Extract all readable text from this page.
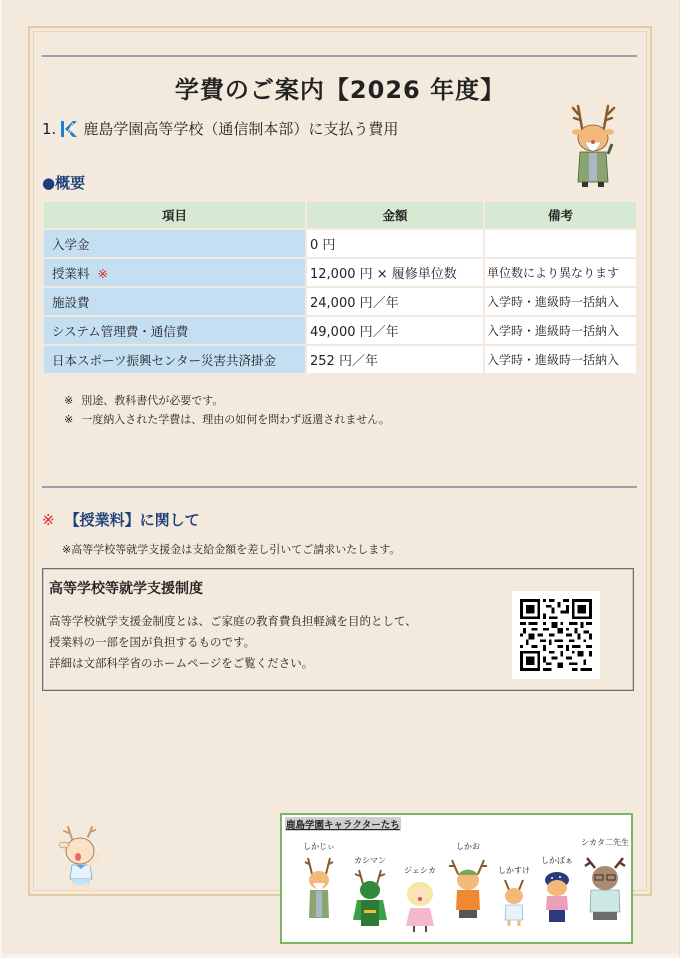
学費のご案内【2026 年度】
1. 鹿島学園高等学校（通信制本部）に支払う費用
●概要
項目	金額	備考
入学金	0 円	
授業料 ※	12,000 円 × 履修単位数	単位数により異なります
施設費	24,000 円／年	入学時・進級時一括納入
システム管理費・通信費	49,000 円／年	入学時・進級時一括納入
日本スポーツ振興センター災害共済掛金	252 円／年	入学時・進級時一括納入
※ 別途、教科書代が必要です。
※ 一度納入された学費は、理由の如何を問わず返還されません。
※ 【授業料】に関して
※高等学校等就学支援金は支給金額を差し引いてご請求いたします。
高等学校等就学支援制度
高等学校就学支援金制度とは、ご家庭の教育費負担軽減を目的として、
授業料の一部を国が負担するものです。
詳細は文部科学省のホームページをご覧ください。
鹿島学園キャラクターたち
しかじぃ
カシマン
ジェシカ
しかお
しかすけ
しかばぁ
シカタ二先生
